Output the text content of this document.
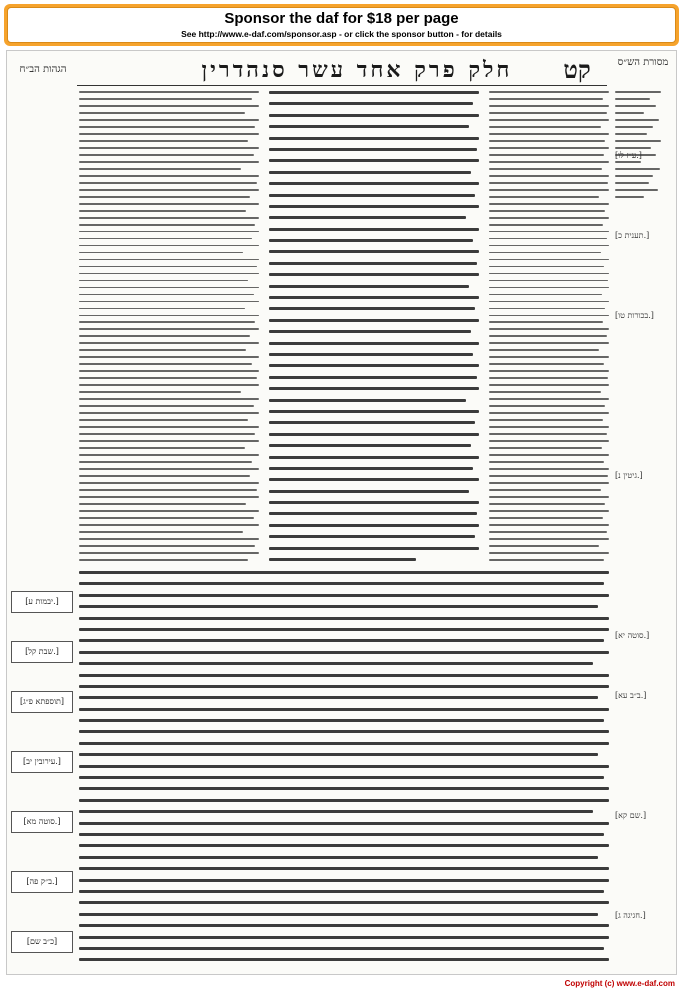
Sponsor the daf for $18 per page
See http://www.e-daf.com/sponsor.asp - or click the sponsor button - for details
הגהות הב״ח	חלק פרק אחד עשר סנהדרין	קט	מסורת הש״ס
[יבמות ע.]
[שבת קל.]
[תוספתא פ״ג]
[עירובין יב.]
[סוטה מא.]
[ב״ק פה.]
[כ״ב שם]
[ע״ז לו.]
[תענית כ.]
[בכורות טו.]
[גיטין נ.]
[סוטה יא.]
[ב״ב עא.]
[שם קא.]
[חגיגה ג.]
Copyright (c) www.e-daf.com
